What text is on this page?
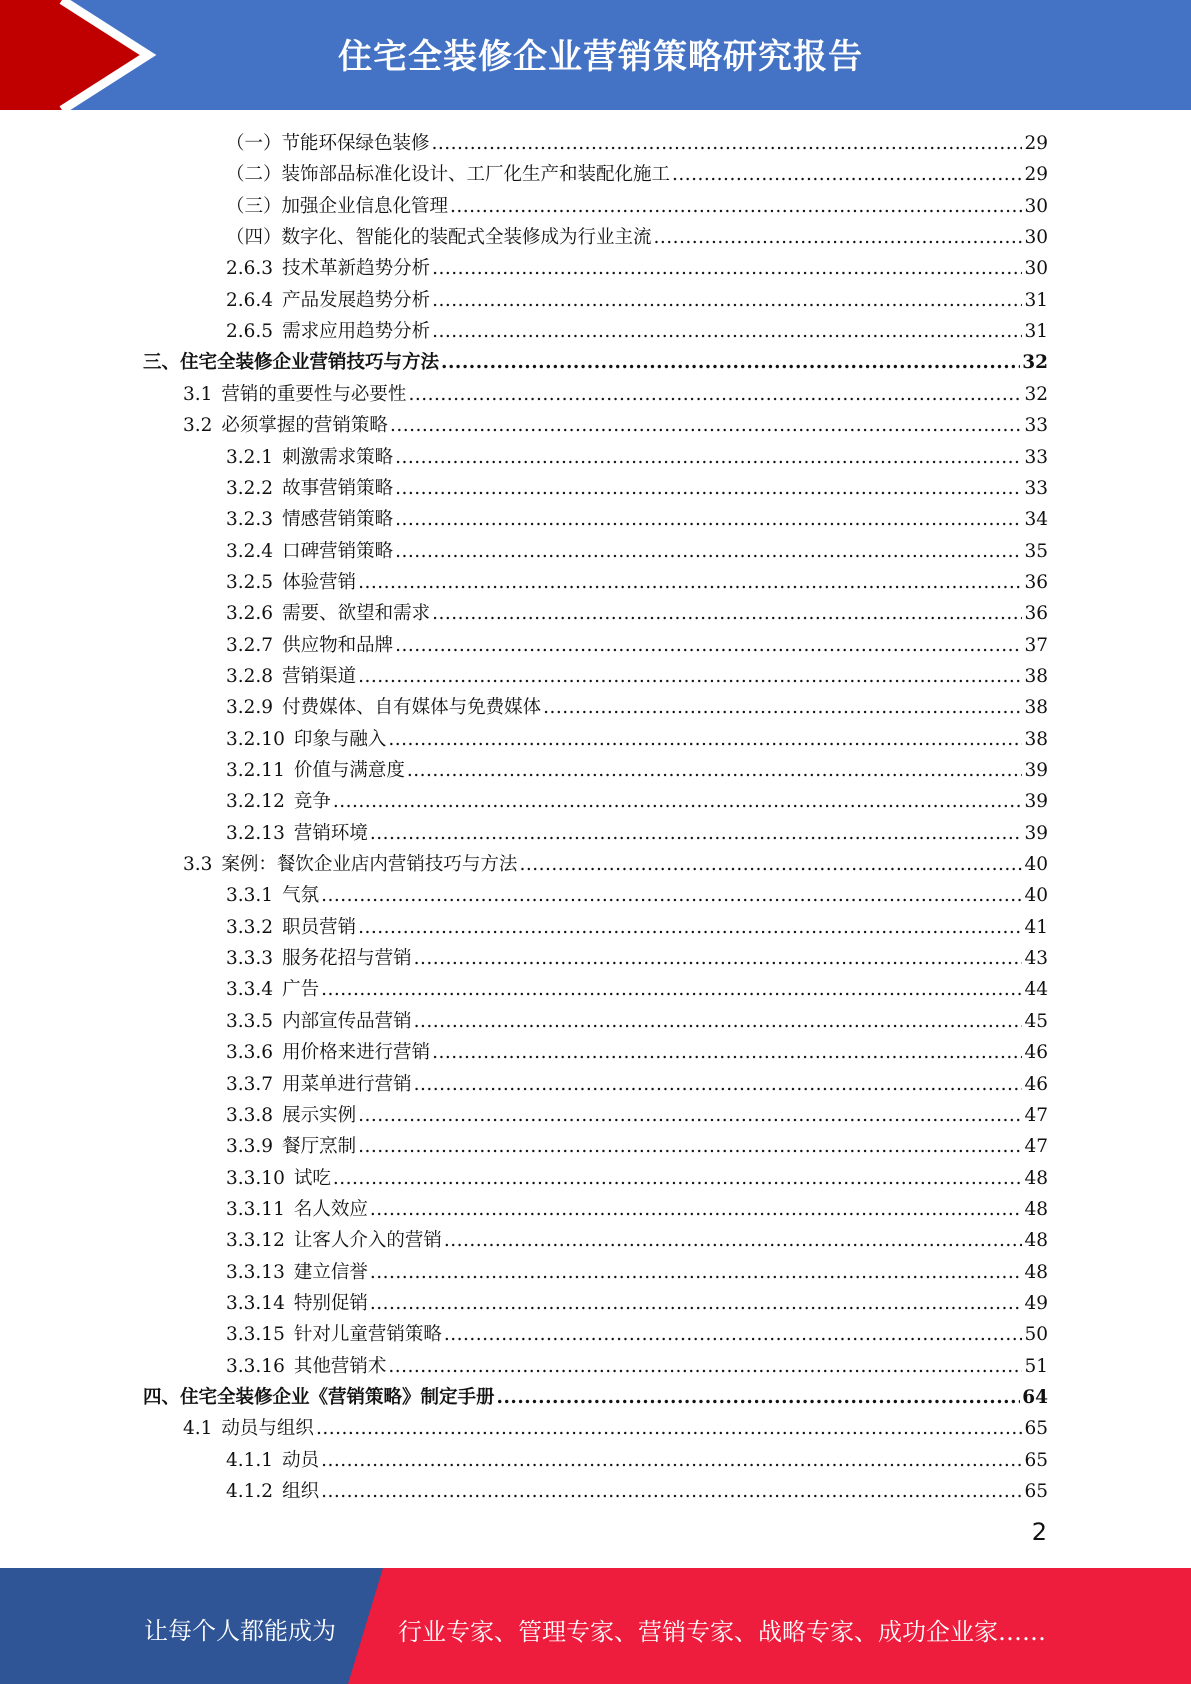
住宅全装修企业营销策略研究报告
（一）节能环保绿色装修 .....	29
（二）装饰部品标准化设计、工厂化生产和装配化施工 .....	29
（三）加强企业信息化管理 .....	30
（四）数字化、智能化的装配式全装修成为行业主流 .....	30
2.6.3 技术革新趋势分析 .....	30
2.6.4 产品发展趋势分析 .....	31
2.6.5 需求应用趋势分析 .....	31
三、住宅全装修企业营销技巧与方法 .....	32
3.1 营销的重要性与必要性 .....	32
3.2 必须掌握的营销策略 .....	33
3.2.1 刺激需求策略 .....	33
3.2.2 故事营销策略 .....	33
3.2.3 情感营销策略 .....	34
3.2.4 口碑营销策略 .....	35
3.2.5 体验营销 .....	36
3.2.6 需要、欲望和需求 .....	36
3.2.7 供应物和品牌 .....	37
3.2.8 营销渠道 .....	38
3.2.9 付费媒体、自有媒体与免费媒体 .....	38
3.2.10 印象与融入 .....	38
3.2.11 价值与满意度 .....	39
3.2.12 竞争 .....	39
3.2.13 营销环境 .....	39
3.3 案例：餐饮企业店内营销技巧与方法 .....	40
3.3.1 气氛 .....	40
3.3.2 职员营销 .....	41
3.3.3 服务花招与营销 .....	43
3.3.4 广告 .....	44
3.3.5 内部宣传品营销 .....	45
3.3.6 用价格来进行营销 .....	46
3.3.7 用菜单进行营销 .....	46
3.3.8 展示实例 .....	47
3.3.9 餐厅烹制 .....	47
3.3.10 试吃 .....	48
3.3.11 名人效应 .....	48
3.3.12 让客人介入的营销 .....	48
3.3.13 建立信誉 .....	48
3.3.14 特别促销 .....	49
3.3.15 针对儿童营销策略 .....	50
3.3.16 其他营销术 .....	51
四、住宅全装修企业《营销策略》制定手册 .....	64
4.1 动员与组织 .....	65
4.1.1 动员 .....	65
4.1.2 组织 .....	65
2
让每个人都能成为	行业专家、管理专家、营销专家、战略专家、成功企业家……
